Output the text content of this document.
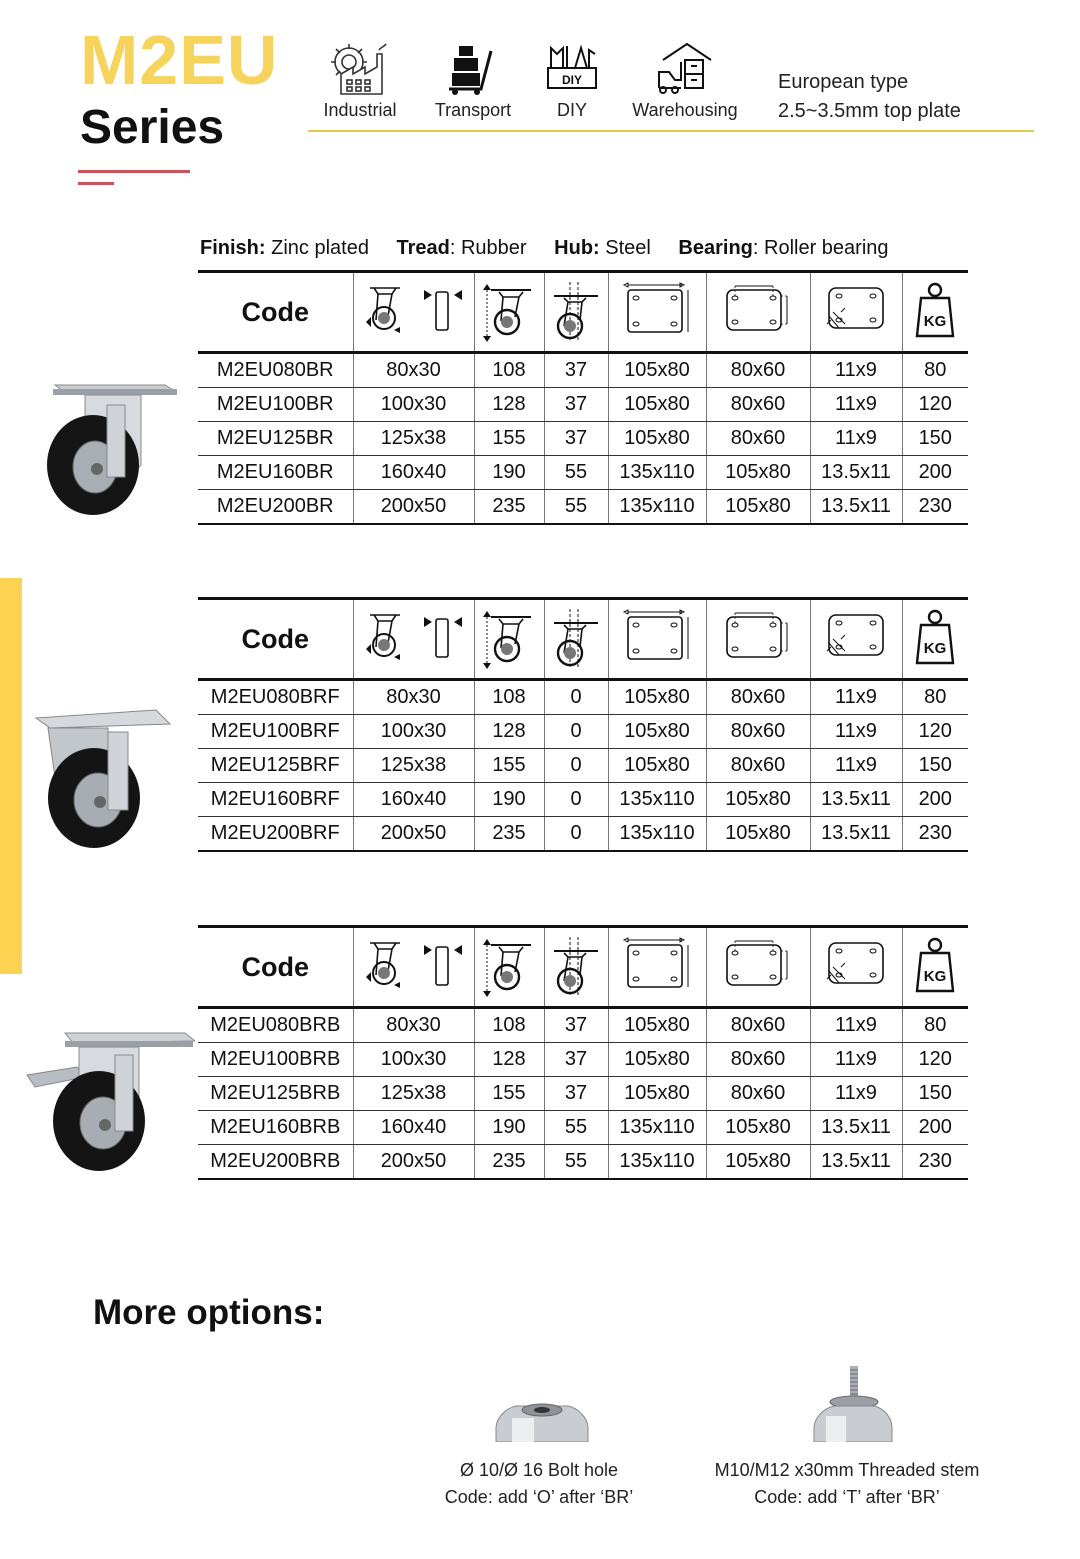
M2EU
Series	Industrial Transport
DIY
DIY	Warehousing
European type
2.5~3.5mm top plate
Finish: Zinc plated Tread: Rubber Hub: Steel Bearing: Roller bearing
Code							KG

M2EU080BR	80x30	108	37	105x80	80x60	11x9	80
M2EU100BR	100x30	128	37	105x80	80x60	11x9	120
M2EU125BR	125x38	155	37	105x80	80x60	11x9	150
M2EU160BR	160x40	190	55	135x110	105x80	13.5x11	200
M2EU200BR	200x50	235	55	135x110	105x80	13.5x11	230
Code							KG

M2EU080BRF	80x30	108	0	105x80	80x60	11x9	80
M2EU100BRF	100x30	128	0	105x80	80x60	11x9	120
M2EU125BRF	125x38	155	0	105x80	80x60	11x9	150
M2EU160BRF	160x40	190	0	135x110	105x80	13.5x11	200
M2EU200BRF	200x50	235	0	135x110	105x80	13.5x11	230
Code							KG

M2EU080BRB	80x30	108	37	105x80	80x60	11x9	80
M2EU100BRB	100x30	128	37	105x80	80x60	11x9	120
M2EU125BRB	125x38	155	37	105x80	80x60	11x9	150
M2EU160BRB	160x40	190	55	135x110	105x80	13.5x11	200
M2EU200BRB	200x50	235	55	135x110	105x80	13.5x11	230
More options:
Ø 10/Ø 16 Bolt hole
Code: add ‘O’ after ‘BR’
M10/M12 x30mm Threaded stem
Code: add ‘T’ after ‘BR’
